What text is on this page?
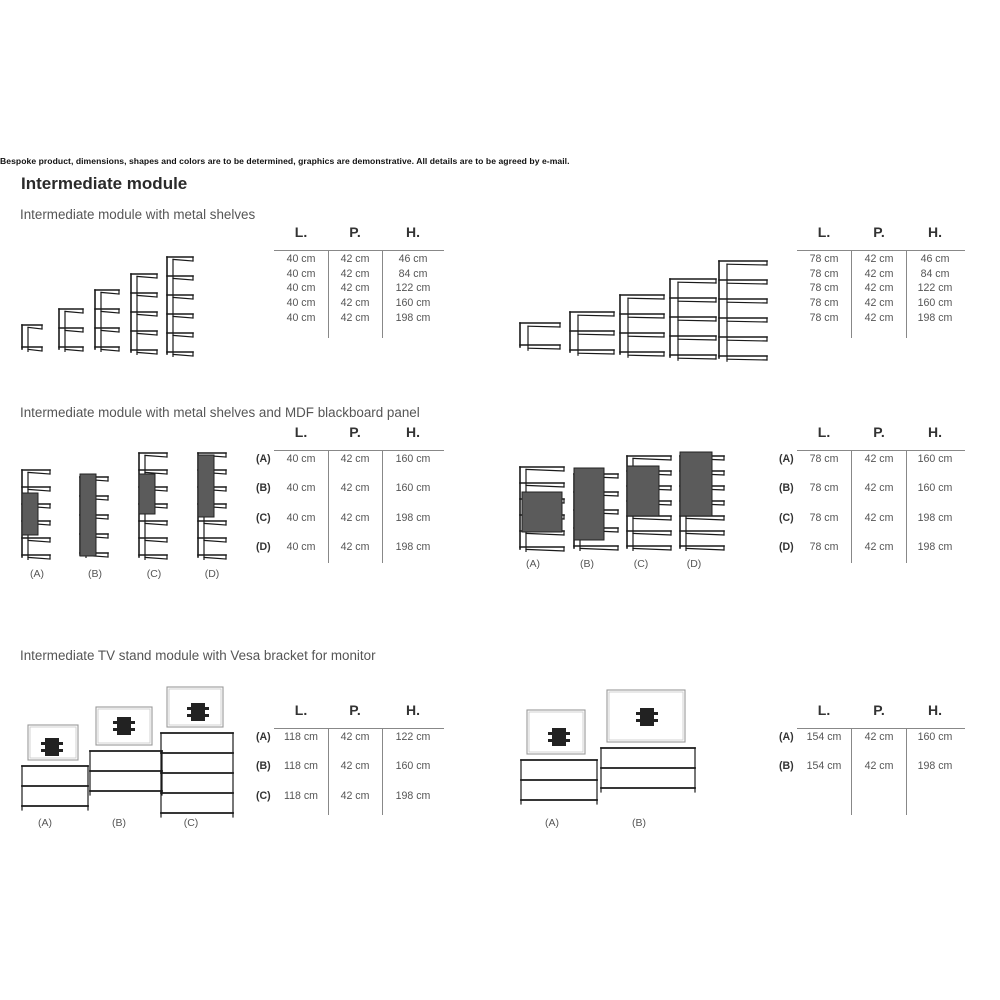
Bespoke product, dimensions, shapes and colors are to be determined, graphics are demonstrative. All details are to be agreed by e-mail.
Intermediate module
Intermediate module with metal shelves
Intermediate module with metal shelves and MDF blackboard panel
Intermediate TV stand module with Vesa bracket for monitor
L.	P.	H.
40 cm 42 cm	46 cm
40 cm 42 cm	84 cm
40 cm 42 cm 122 cm
40 cm 42 cm 160 cm
40 cm 42 cm 198 cm
L.	P.	H.
78 cm 42 cm	46 cm
78 cm 42 cm	84 cm
78 cm 42 cm 122 cm
78 cm 42 cm 160 cm
78 cm 42 cm 198 cm
L.	P.	H.
(A) 40 cm 42 cm 160 cm
(B) 40 cm 42 cm 160 cm
(C) 40 cm 42 cm 198 cm
(D) 40 cm 42 cm 198 cm
L.	P.	H.
(A) 78 cm 42 cm 160 cm
(B) 78 cm 42 cm 160 cm
(C) 78 cm 42 cm 198 cm
(D) 78 cm 42 cm 198 cm
L.	P.	H.
(A) 118 cm 42 cm 122 cm
(B) 118 cm 42 cm 160 cm
(C) 118 cm 42 cm 198 cm
L.	P.	H.
(A) 154 cm 42 cm 160 cm
(B) 154 cm 42 cm 198 cm
(A)	(B)	(C)	(D)
(A)	(B)	(C)	(D)
(A)	(B)	(C)	(A)	(B)
